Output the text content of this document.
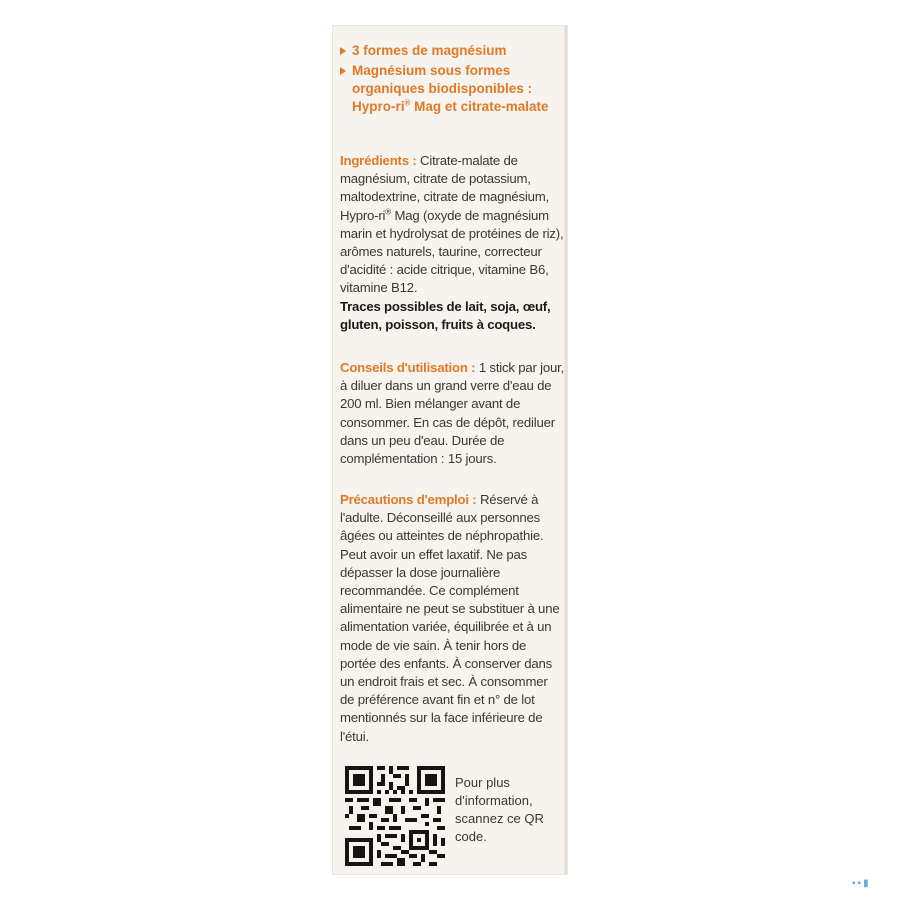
3 formes de magnésium
Magnésium sous formes organiques biodisponibles : Hypro-ri® Mag et citrate-malate
Ingrédients : Citrate-malate de magnésium, citrate de potassium, maltodextrine, citrate de magnésium, Hypro-ri® Mag (oxyde de magnésium marin et hydrolysat de protéines de riz), arômes naturels, taurine, correcteur d'acidité : acide citrique, vitamine B6, vitamine B12.
Traces possibles de lait, soja, œuf, gluten, poisson, fruits à coques.
Conseils d'utilisation : 1 stick par jour, à diluer dans un grand verre d'eau de 200 ml. Bien mélanger avant de consommer. En cas de dépôt, rediluer dans un peu d'eau. Durée de complémentation : 15 jours.
Précautions d'emploi : Réservé à l'adulte. Déconseillé aux personnes âgées ou atteintes de néphropathie. Peut avoir un effet laxatif. Ne pas dépasser la dose journalière recommandée. Ce complément alimentaire ne peut se substituer à une alimentation variée, équilibrée et à un mode de vie sain. À tenir hors de portée des enfants. À conserver dans un endroit frais et sec. À consommer de préférence avant fin et n° de lot mentionnés sur la face inférieure de l'étui.
Pour plus d'information, scannez ce QR code.
▪▪▮
